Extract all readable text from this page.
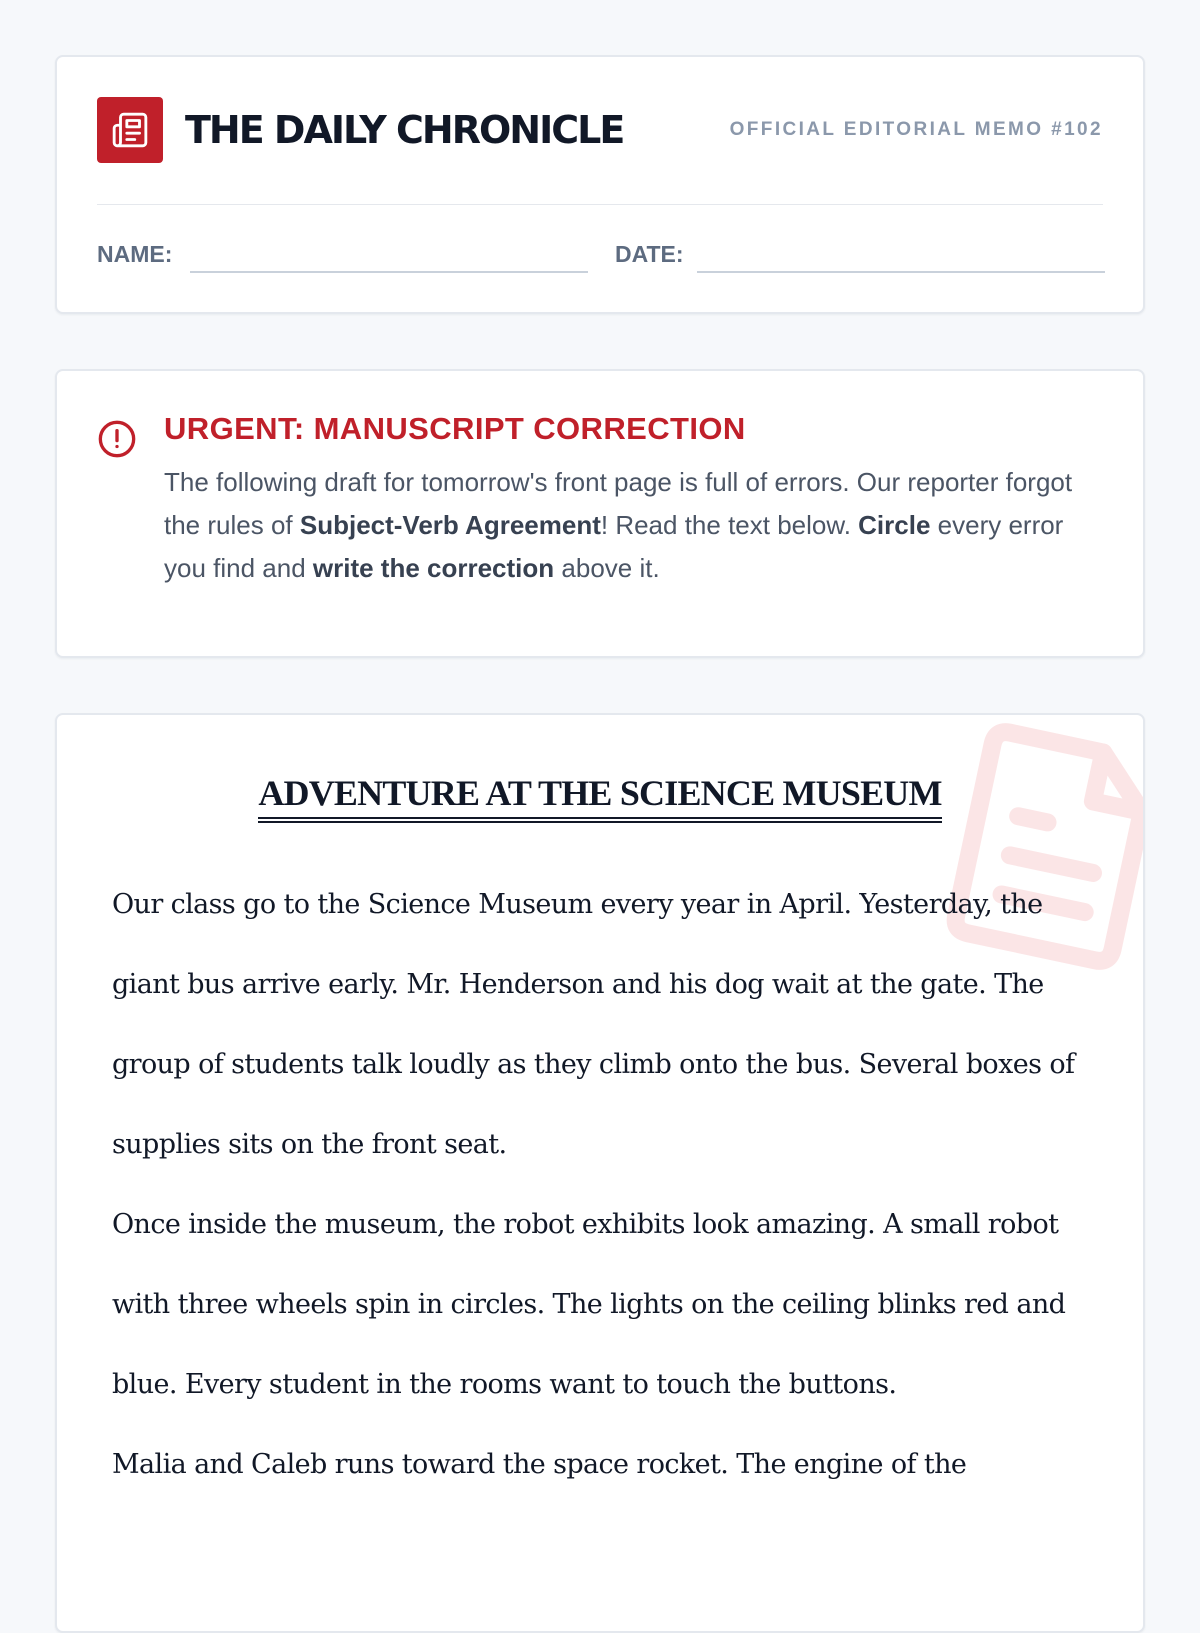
THE DAILY CHRONICLE	OFFICIAL EDITORIAL MEMO #102
NAME:	DATE:
URGENT: MANUSCRIPT CORRECTION
The following draft for tomorrow's front page is full of errors. Our reporter forgot the rules of Subject-Verb Agreement! Read the text below. Circle every error you find and write the correction above it.
ADVENTURE AT THE SCIENCE MUSEUM

Our class go to the Science Museum every year in April. Yesterday, the giant bus arrive early. Mr. Henderson and his dog wait at the gate. The group of students talk loudly as they climb onto the bus. Several boxes of supplies sits on the front seat.

Once inside the museum, the robot exhibits look amazing. A small robot with three wheels spin in circles. The lights on the ceiling blinks red and blue. Every student in the rooms want to touch the buttons.

Malia and Caleb runs toward the space rocket. The engine of the
